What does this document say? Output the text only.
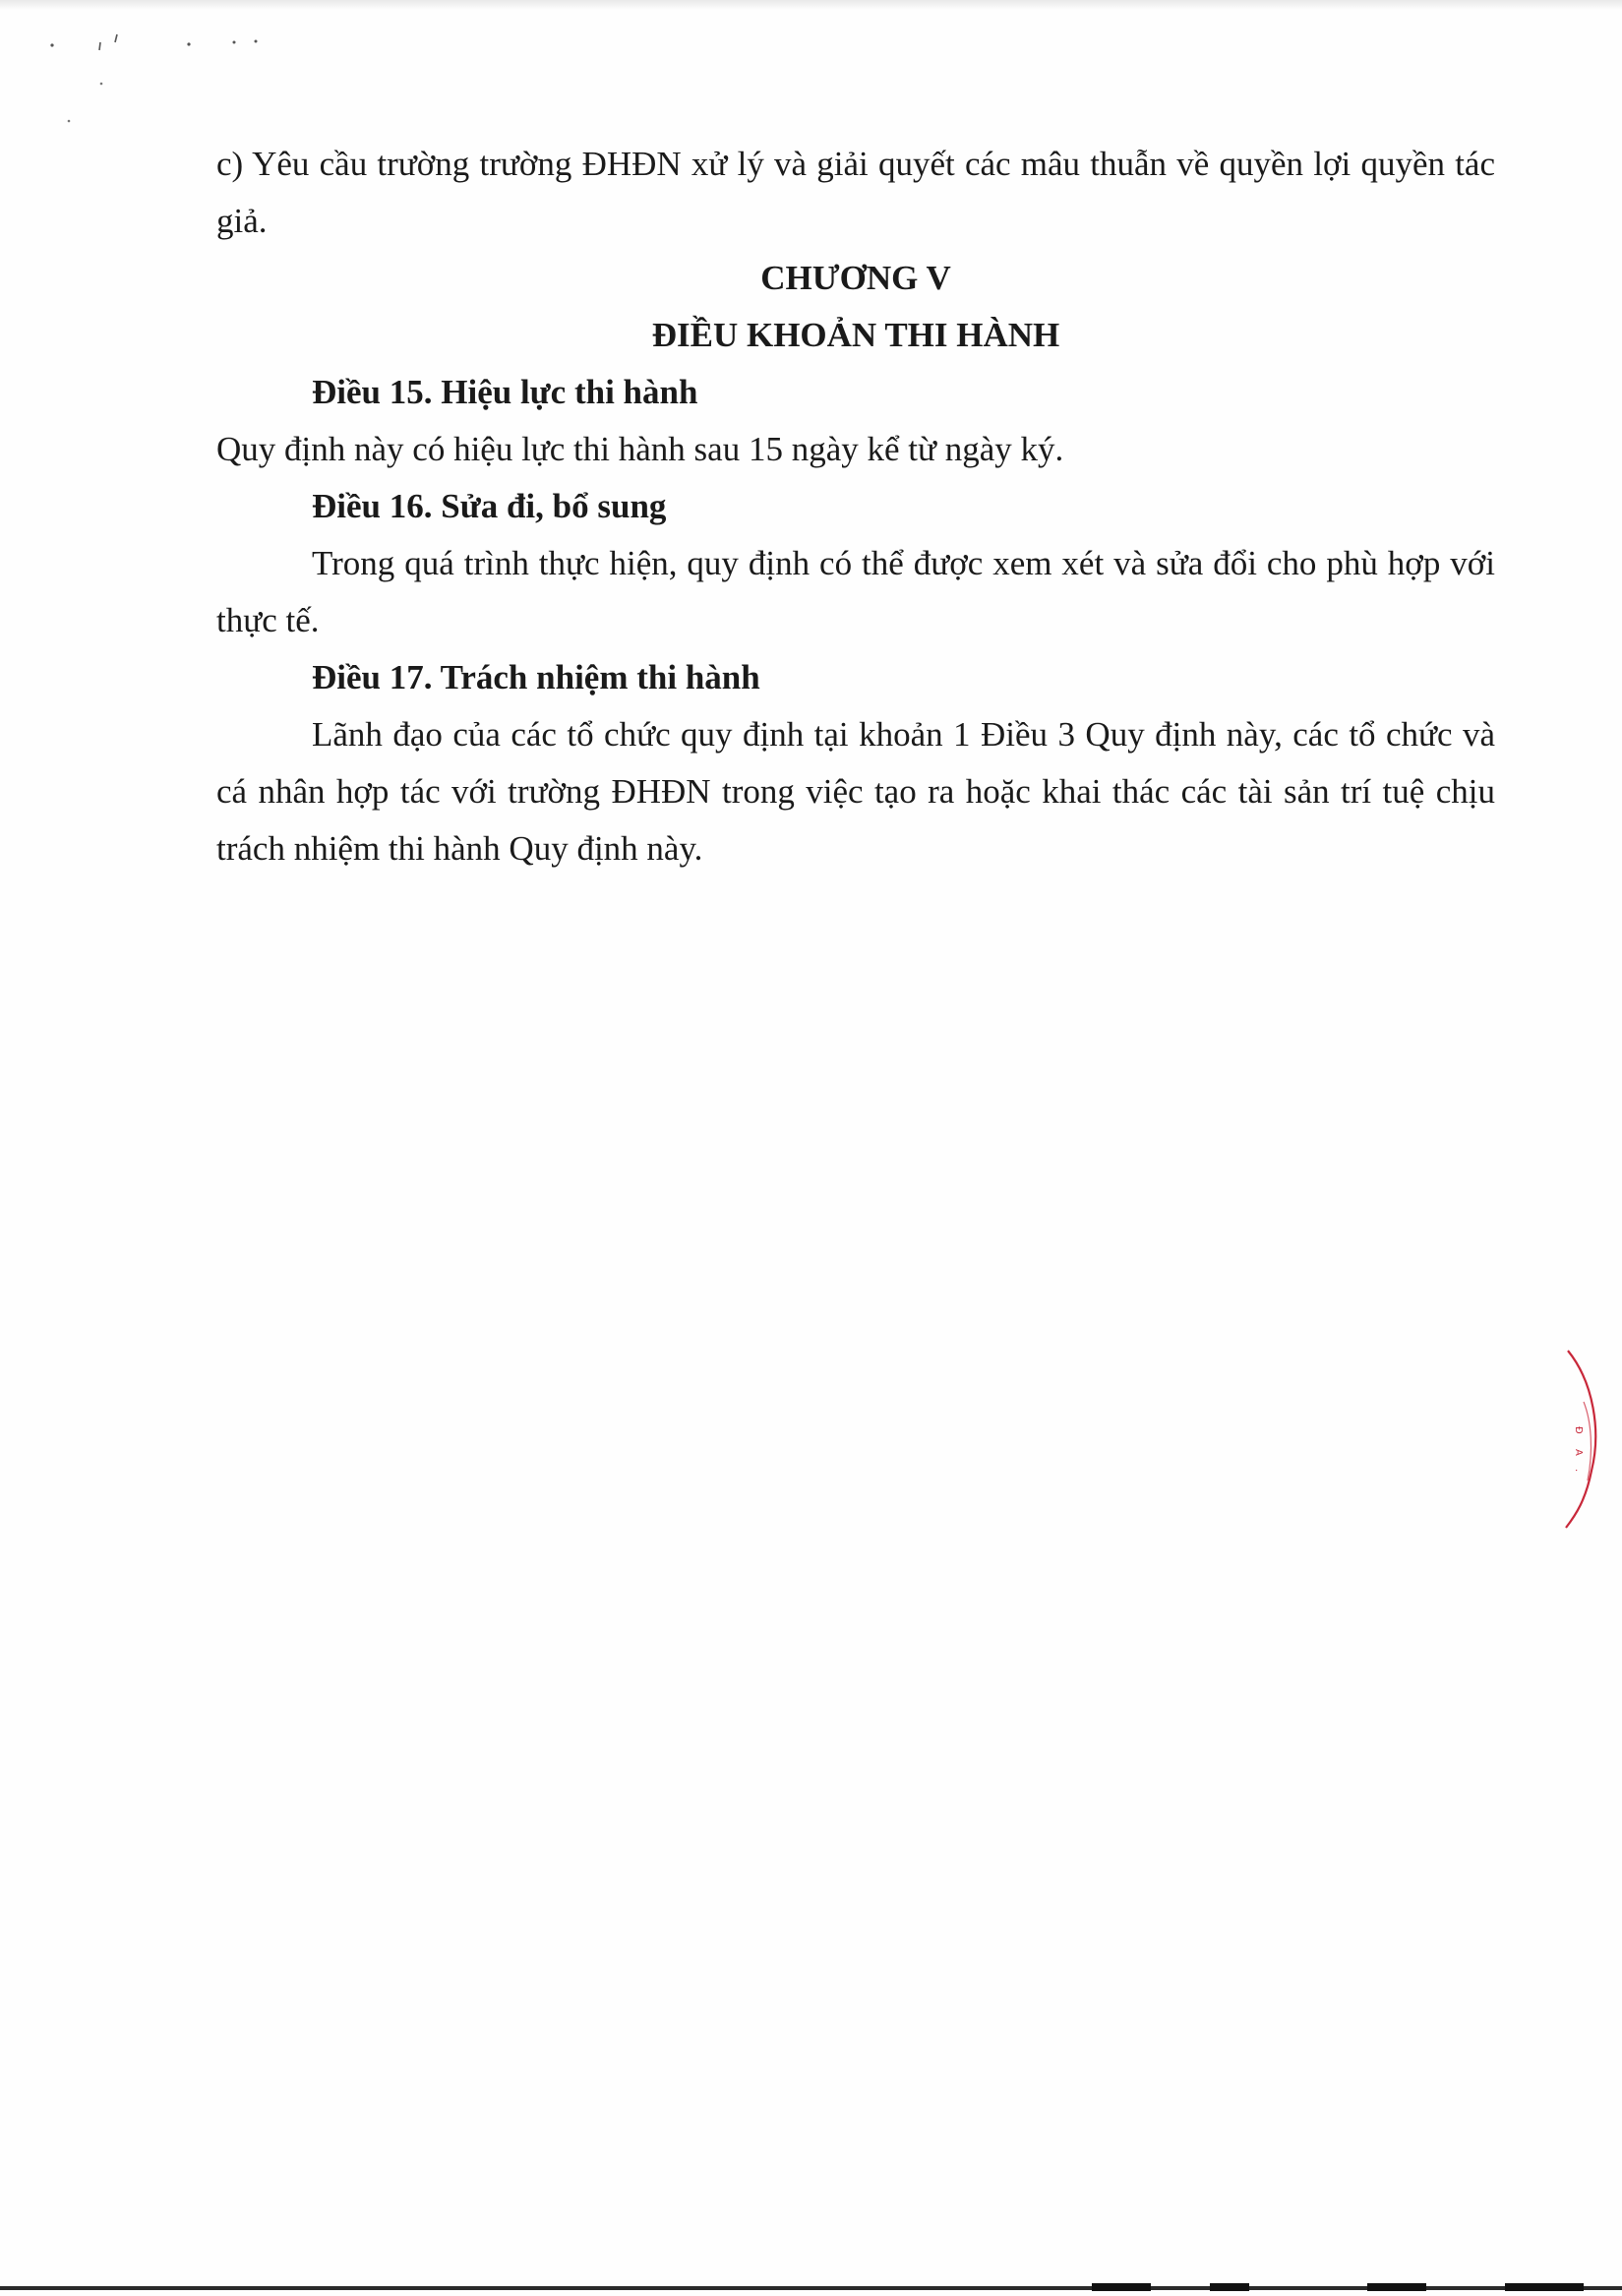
c) Yêu cầu trường trường ĐHĐN xử lý và giải quyết các mâu thuẫn về quyền lợi quyền tác giả.

CHƯƠNG V

ĐIỀU KHOẢN THI HÀNH

Điều 15. Hiệu lực thi hành

Quy định này có hiệu lực thi hành sau 15 ngày kể từ ngày ký.

Điều 16. Sửa đi, bổ sung

Trong quá trình thực hiện, quy định có thể được xem xét và sửa đổi cho phù hợp với thực tế.

Điều 17. Trách nhiệm thi hành

Lãnh đạo của các tổ chức quy định tại khoản 1 Điều 3 Quy định này, các tổ chức và cá nhân hợp tác với trường ĐHĐN trong việc tạo ra hoặc khai thác các tài sản trí tuệ chịu trách nhiệm thi hành Quy định này.

Đ
A
.
